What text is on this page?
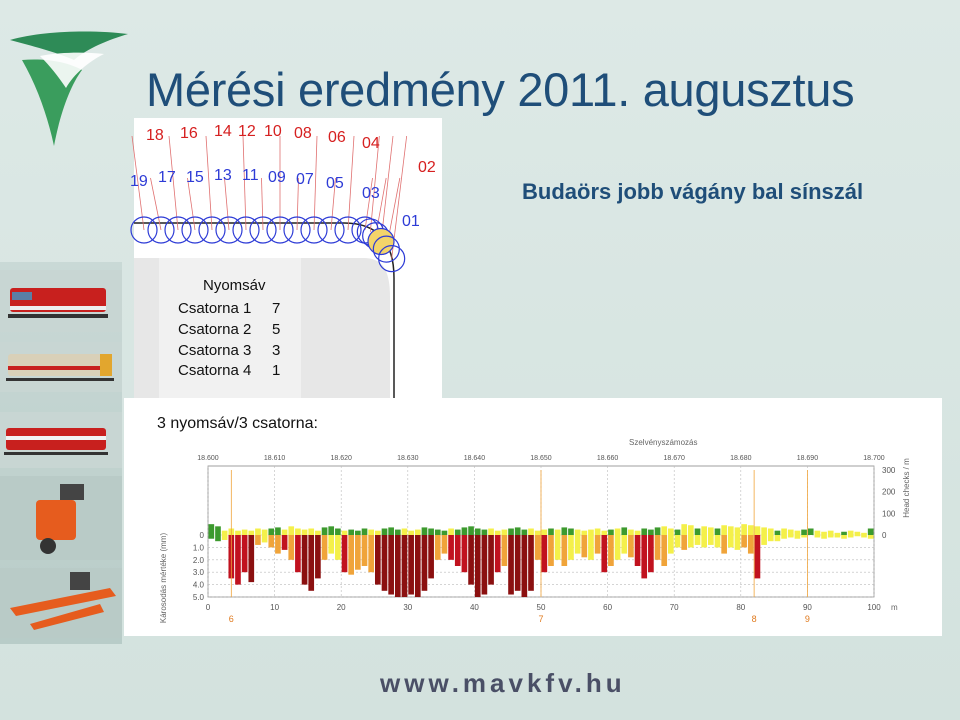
Mérési eredmény 2011. augusztus
Budaörs jobb vágány bal sínszál
18 16 14 12 10 08 06 04
02
19 17 15 13 11 09 07 05
03
01
Nyomsáv
Csatorna 1 7
Csatorna 2 5
Csatorna 3 3
Csatorna 4 1
3 nyomsáv/3 csatorna:
Szelvényszámozás
Károsodás mértéke (mm)
Head checks / m
m
0	10	20	30	40	50	60	70	80	90	100
18.600	18.610	18.620	18.630	18.640	18.650	18.660	18.670	18.680	18.690	18.700
0
1.0
2.0
3.0
4.0
5.0
300
200
100
0
6	7	8	9
www.mavkfv.hu
